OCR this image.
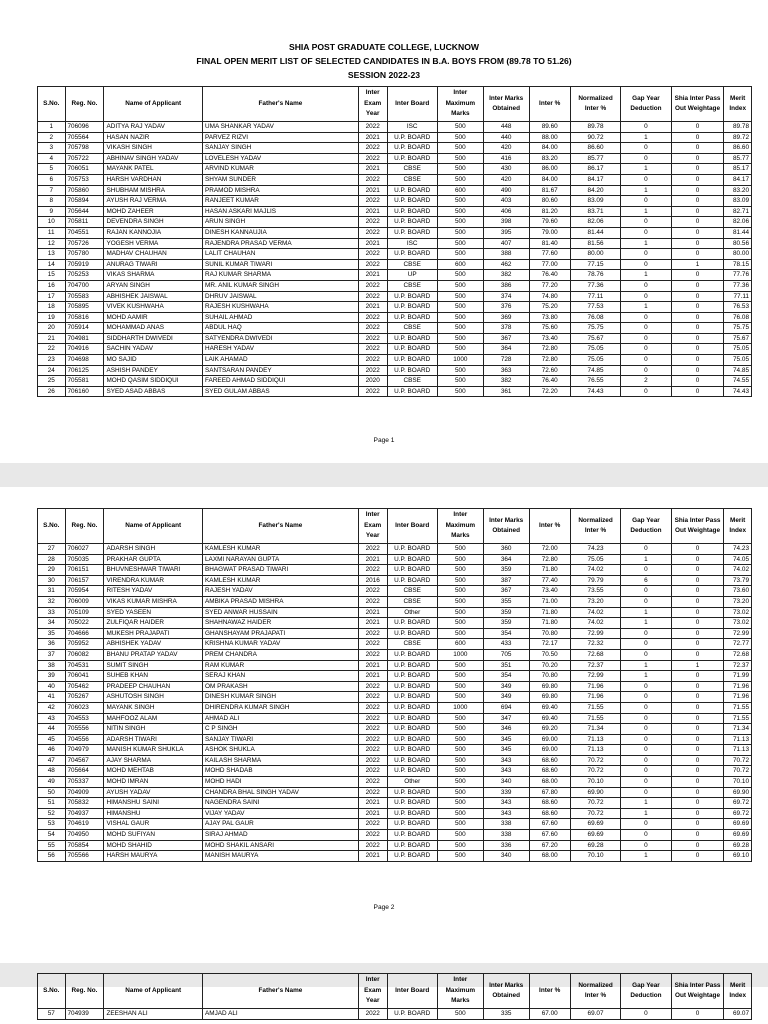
SHIA POST GRADUATE COLLEGE, LUCKNOW
FINAL OPEN MERIT LIST OF SELECTED CANDIDATES IN B.A. BOYS FROM (89.78 TO 51.26)
SESSION 2022-23
S.No.	Reg. No.	Name of Applicant	Father's Name	Inter Exam Year	Inter Board	Inter Maximum Marks	Inter Marks Obtained	Inter %	Normalized Inter %	Gap Year Deduction	Shia Inter Pass Out Weightage	Merit Index
1	706096	ADITYA RAJ YADAV	UMA SHANKAR YADAV	2022	ISC	500	448	89.60	89.78	0	0	89.78
2	705564	HASAN NAZIR	PARVEZ RIZVI	2021	U.P. BOARD	500	440	88.00	90.72	1	0	89.72
3	705798	VIKASH SINGH	SANJAY SINGH	2022	U.P. BOARD	500	420	84.00	86.60	0	0	86.60
4	705722	ABHINAV SINGH YADAV	LOVELESH YADAV	2022	U.P. BOARD	500	416	83.20	85.77	0	0	85.77
5	706051	MAYANK PATEL	ARVIND KUMAR	2021	CBSE	500	430	86.00	86.17	1	0	85.17
6	705753	HARSH VARDHAN	SHYAM SUNDER	2022	CBSE	500	420	84.00	84.17	0	0	84.17
7	705860	SHUBHAM MISHRA	PRAMOD MISHRA	2021	U.P. BOARD	600	490	81.67	84.20	1	0	83.20
8	705894	AYUSH RAJ VERMA	RANJEET KUMAR	2022	U.P. BOARD	500	403	80.60	83.09	0	0	83.09
9	705644	MOHD ZAHEER	HASAN ASKARI MAJLIS	2021	U.P. BOARD	500	406	81.20	83.71	1	0	82.71
10	705811	DEVENDRA SINGH	ARUN SINGH	2022	U.P. BOARD	500	398	79.60	82.06	0	0	82.06
11	704551	RAJAN KANNOJIA	DINESH KANNAUJIA	2022	U.P. BOARD	500	395	79.00	81.44	0	0	81.44
12	705726	YOGESH VERMA	RAJENDRA PRASAD VERMA	2021	ISC	500	407	81.40	81.56	1	0	80.56
13	705780	MADHAV CHAUHAN	LALIT CHAUHAN	2022	U.P. BOARD	500	388	77.60	80.00	0	0	80.00
14	705919	ANURAG TIWARI	SUNIL KUMAR TIWARI	2022	CBSE	600	462	77.00	77.15	0	1	78.15
15	705253	VIKAS SHARMA	RAJ KUMAR SHARMA	2021	UP	500	382	76.40	78.76	1	0	77.76
16	704700	ARYAN SINGH	MR. ANIL KUMAR SINGH	2022	CBSE	500	386	77.20	77.36	0	0	77.36
17	705583	ABHISHEK JAISWAL	DHRUV JAISWAL	2022	U.P. BOARD	500	374	74.80	77.11	0	0	77.11
18	705895	VIVEK KUSHWAHA	RAJESH KUSHWAHA	2021	U.P. BOARD	500	376	75.20	77.53	1	0	76.53
19	705816	MOHD AAMIR	SUHAIL AHMAD	2022	U.P. BOARD	500	369	73.80	76.08	0	0	76.08
20	705914	MOHAMMAD ANAS	ABDUL HAQ	2022	CBSE	500	378	75.60	75.75	0	0	75.75
21	704981	SIDDHARTH DWIVEDI	SATYENDRA DWIVEDI	2022	U.P. BOARD	500	367	73.40	75.67	0	0	75.67
22	704916	SACHIN YADAV	HARESH YADAV	2022	U.P. BOARD	500	364	72.80	75.05	0	0	75.05
23	704698	MO SAJID	LAIK AHAMAD	2022	U.P. BOARD	1000	728	72.80	75.05	0	0	75.05
24	706125	ASHISH PANDEY	SANTSARAN PANDEY	2022	U.P. BOARD	500	363	72.60	74.85	0	0	74.85
25	705581	MOHD QASIM SIDDIQUI	FAREED AHMAD SIDDIQUI	2020	CBSE	500	382	76.40	76.55	2	0	74.55
26	706160	SYED ASAD ABBAS	SYED GULAM ABBAS	2022	U.P. BOARD	500	361	72.20	74.43	0	0	74.43
Page 1
S.No.	Reg. No.	Name of Applicant	Father's Name	Inter Exam Year	Inter Board	Inter Maximum Marks	Inter Marks Obtained	Inter %	Normalized Inter %	Gap Year Deduction	Shia Inter Pass Out Weightage	Merit Index
27	706027	ADARSH SINGH	KAMLESH KUMAR	2022	U.P. BOARD	500	360	72.00	74.23	0	0	74.23
28	705035	PRAKHAR GUPTA	LAXMI NARAYAN GUPTA	2021	U.P. BOARD	500	364	72.80	75.05	1	0	74.05
29	706151	BHUVNESHWAR TIWARI	BHAGWAT PRASAD TIWARI	2022	U.P. BOARD	500	359	71.80	74.02	0	0	74.02
30	706157	VIRENDRA KUMAR	KAMLESH KUMAR	2016	U.P. BOARD	500	387	77.40	79.79	6	0	73.79
31	705954	RITESH YADAV	RAJESH YADAV	2022	CBSE	500	367	73.40	73.55	0	0	73.60
32	706009	VIKAS KUMAR MISHRA	AMBIKA PRASAD MISHRA	2022	CBSE	500	355	71.00	73.20	0	0	73.20
33	705109	SYED YASEEN	SYED ANWAR HUSSAIN	2021	Other	500	359	71.80	74.02	1	0	73.02
34	705022	ZULFIQAR HAIDER	SHAHNAWAZ HAIDER	2021	U.P. BOARD	500	359	71.80	74.02	1	0	73.02
35	704666	MUKESH PRAJAPATI	GHANSHAYAM PRAJAPATI	2022	U.P. BOARD	500	354	70.80	72.99	0	0	72.99
36	705952	ABHISHEK YADAV	KRISHNA KUMAR YADAV	2022	CBSE	600	433	72.17	72.32	0	0	72.77
37	706082	BHANU PRATAP YADAV	PREM CHANDRA	2022	U.P. BOARD	1000	705	70.50	72.68	0	0	72.68
38	704531	SUMIT SINGH	RAM KUMAR	2021	U.P. BOARD	500	351	70.20	72.37	1	1	72.37
39	706041	SUHEB KHAN	SERAJ KHAN	2021	U.P. BOARD	500	354	70.80	72.99	1	0	71.99
40	705462	PRADEEP CHAUHAN	OM PRAKASH	2022	U.P. BOARD	500	349	69.80	71.96	0	0	71.96
41	705267	ASHUTOSH SINGH	DINESH KUMAR SINGH	2022	U.P. BOARD	500	349	69.80	71.96	0	0	71.96
42	706023	MAYANK SINGH	DHIRENDRA KUMAR SINGH	2022	U.P. BOARD	1000	694	69.40	71.55	0	0	71.55
43	704553	MAHFOOZ ALAM	AHMAD ALI	2022	U.P. BOARD	500	347	69.40	71.55	0	0	71.55
44	705556	NITIN SINGH	C P SINGH	2022	U.P. BOARD	500	346	69.20	71.34	0	0	71.34
45	704556	ADARSH TIWARI	SANJAY TIWARI	2022	U.P. BOARD	500	345	69.00	71.13	0	0	71.13
46	704979	MANISH KUMAR SHUKLA	ASHOK SHUKLA	2022	U.P. BOARD	500	345	69.00	71.13	0	0	71.13
47	704567	AJAY SHARMA	KAILASH SHARMA	2022	U.P. BOARD	500	343	68.60	70.72	0	0	70.72
48	705664	MOHD MEHTAB	MOHD SHADAB	2022	U.P. BOARD	500	343	68.60	70.72	0	0	70.72
49	705337	MOHD IMRAN	MOHD HADI	2022	Other	500	340	68.00	70.10	0	0	70.10
50	704909	AYUSH YADAV	CHANDRA BHAL SINGH YADAV	2022	U.P. BOARD	500	339	67.80	69.90	0	0	69.90
51	705832	HIMANSHU SAINI	NAGENDRA SAINI	2021	U.P. BOARD	500	343	68.60	70.72	1	0	69.72
52	704937	HIMANSHU	VIJAY YADAV	2021	U.P. BOARD	500	343	68.60	70.72	1	0	69.72
53	704619	VISHAL GAUR	AJAY PAL GAUR	2022	U.P. BOARD	500	338	67.60	69.69	0	0	69.69
54	704950	MOHD SUFIYAN	SIRAJ AHMAD	2022	U.P. BOARD	500	338	67.60	69.69	0	0	69.69
55	705854	MOHD SHAHID	MOHD SHAKIL ANSARI	2022	U.P. BOARD	500	336	67.20	69.28	0	0	69.28
56	705566	HARSH MAURYA	MANISH MAURYA	2021	U.P. BOARD	500	340	68.00	70.10	1	0	69.10
Page 2
S.No.	Reg. No.	Name of Applicant	Father's Name	Inter Exam Year	Inter Board	Inter Maximum Marks	Inter Marks Obtained	Inter %	Normalized Inter %	Gap Year Deduction	Shia Inter Pass Out Weightage	Merit Index
57	704939	ZEESHAN ALI	AMJAD ALI	2022	U.P. BOARD	500	335	67.00	69.07	0	0	69.07
